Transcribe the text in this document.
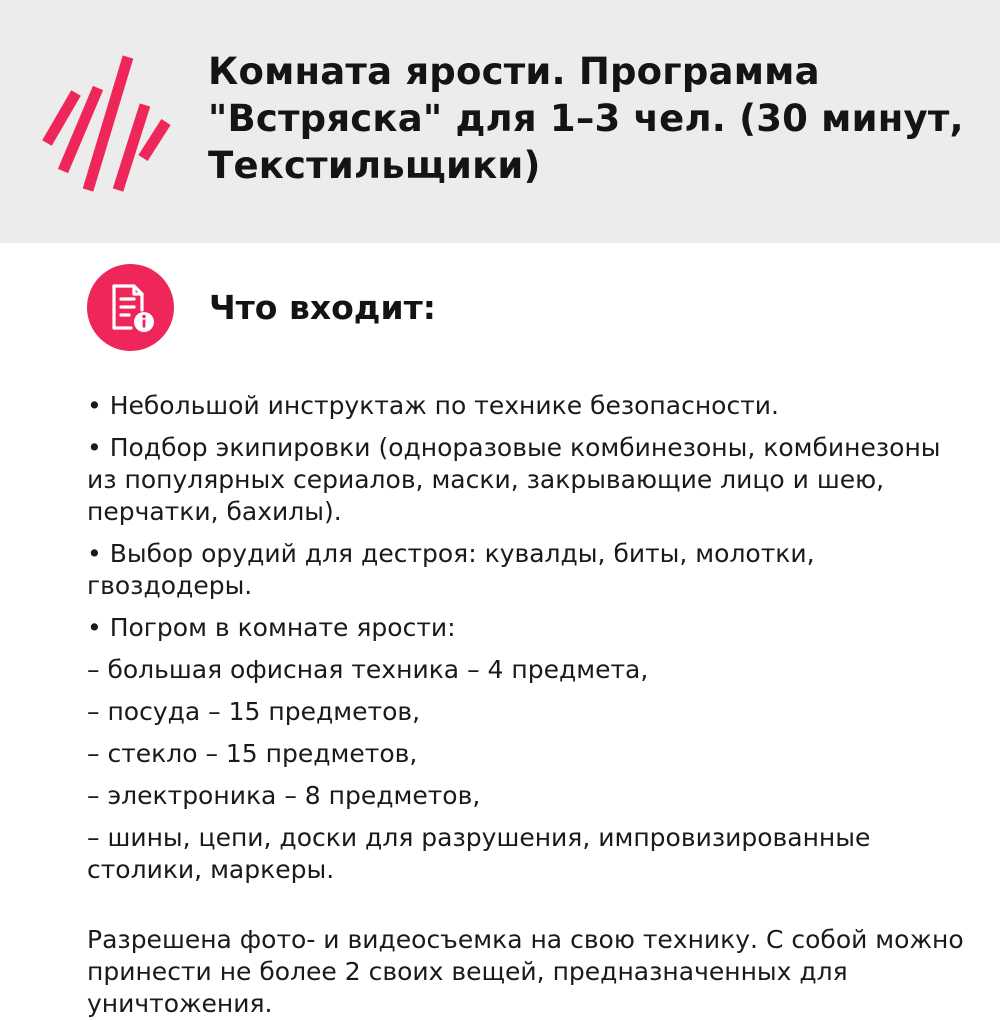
Комната ярости. Программа "Встряска" для 1–3 чел. (30 минут, Текстильщики)
Что входит:

• Небольшой инструктаж по технике безопасности.

• Подбор экипировки (одноразовые комбинезоны, комбинезоны из популярных сериалов, маски, закрывающие лицо и шею, перчатки, бахилы).

• Выбор орудий для дестроя: кувалды, биты, молотки, гвоздодеры.

• Погром в комнате ярости:

– большая офисная техника – 4 предмета,

– посуда – 15 предметов,

– стекло – 15 предметов,

– электроника – 8 предметов,

– шины, цепи, доски для разрушения, импровизированные столики, маркеры.

Разрешена фото- и видеосъемка на свою технику. С собой можно принести не более 2 своих вещей, предназначенных для уничтожения.
